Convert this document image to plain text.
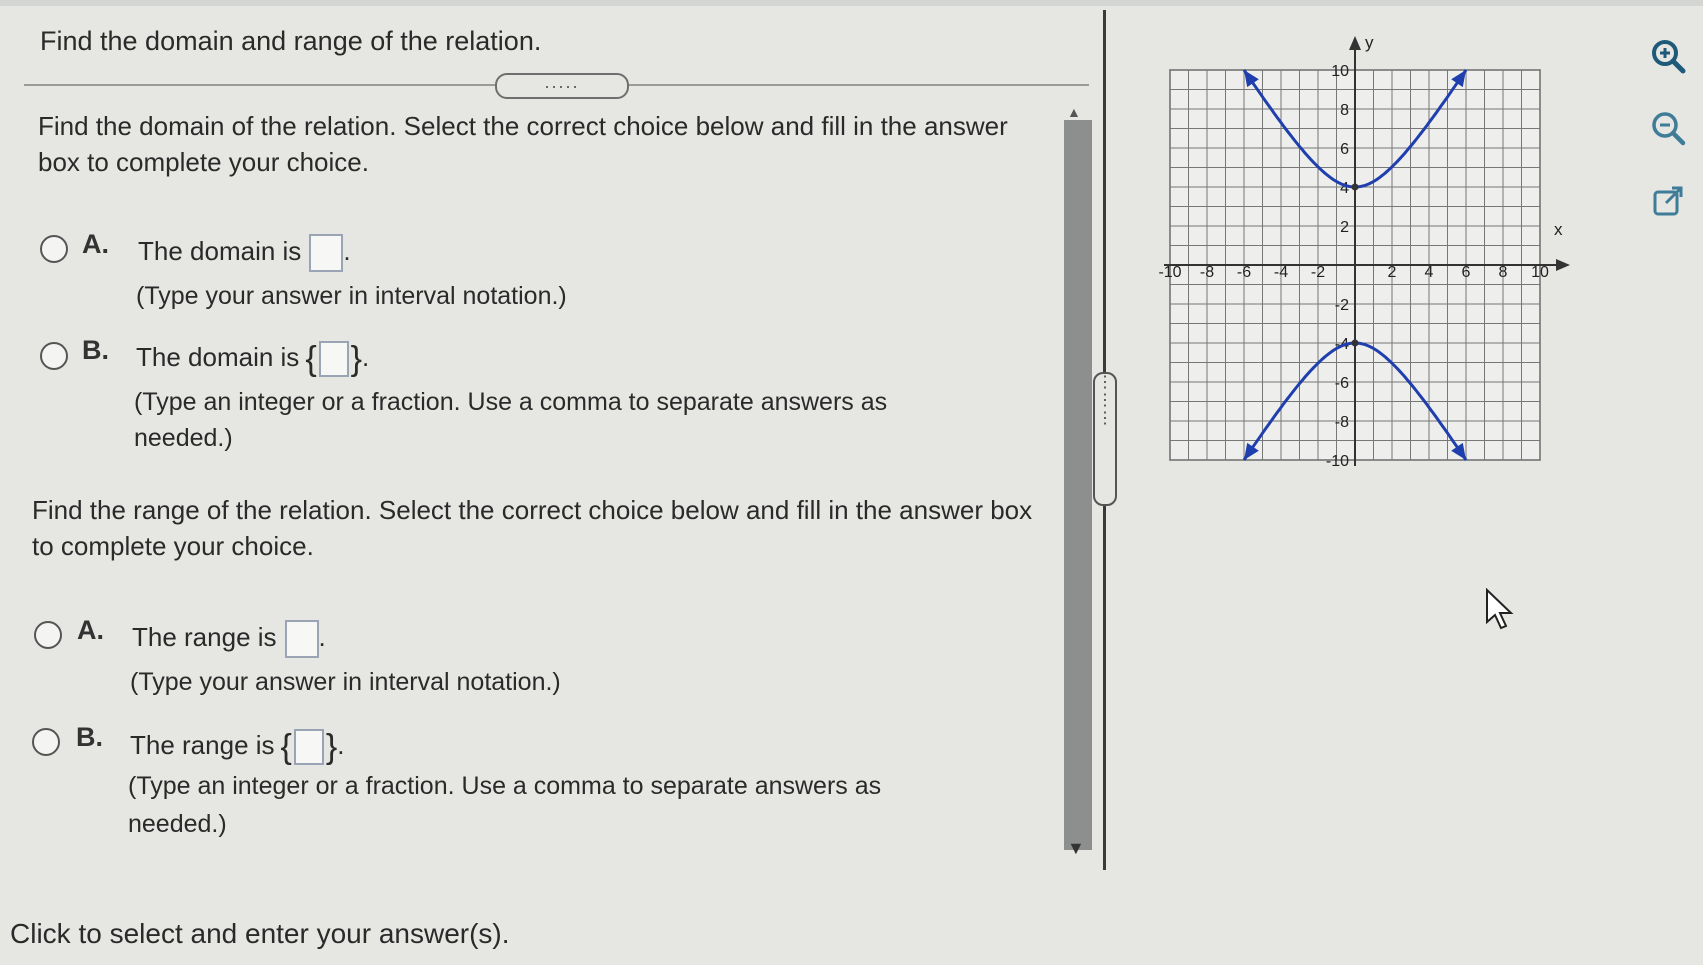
Find the domain and range of the relation.
.....
Find the domain of the relation. Select the correct choice below and fill in the answer box to complete your choice.
A. The domain is .
(Type your answer in interval notation.)
B. The domain is { }.
(Type an integer or a fraction. Use a comma to separate answers as
needed.)
Find the range of the relation. Select the correct choice below and fill in the answer box to complete your choice.
A. The range is .
(Type your answer in interval notation.)
B. The range is { }.
(Type an integer or a fraction. Use a comma to separate answers as
needed.)
▲
▼
⋮
⋮
⋮
x
y
-10 -8 -6 -4 -2	2 4 6 8 10
-10
-8
-6
-4
-2
2
4
6
8
10
Click to select and enter your answer(s).
